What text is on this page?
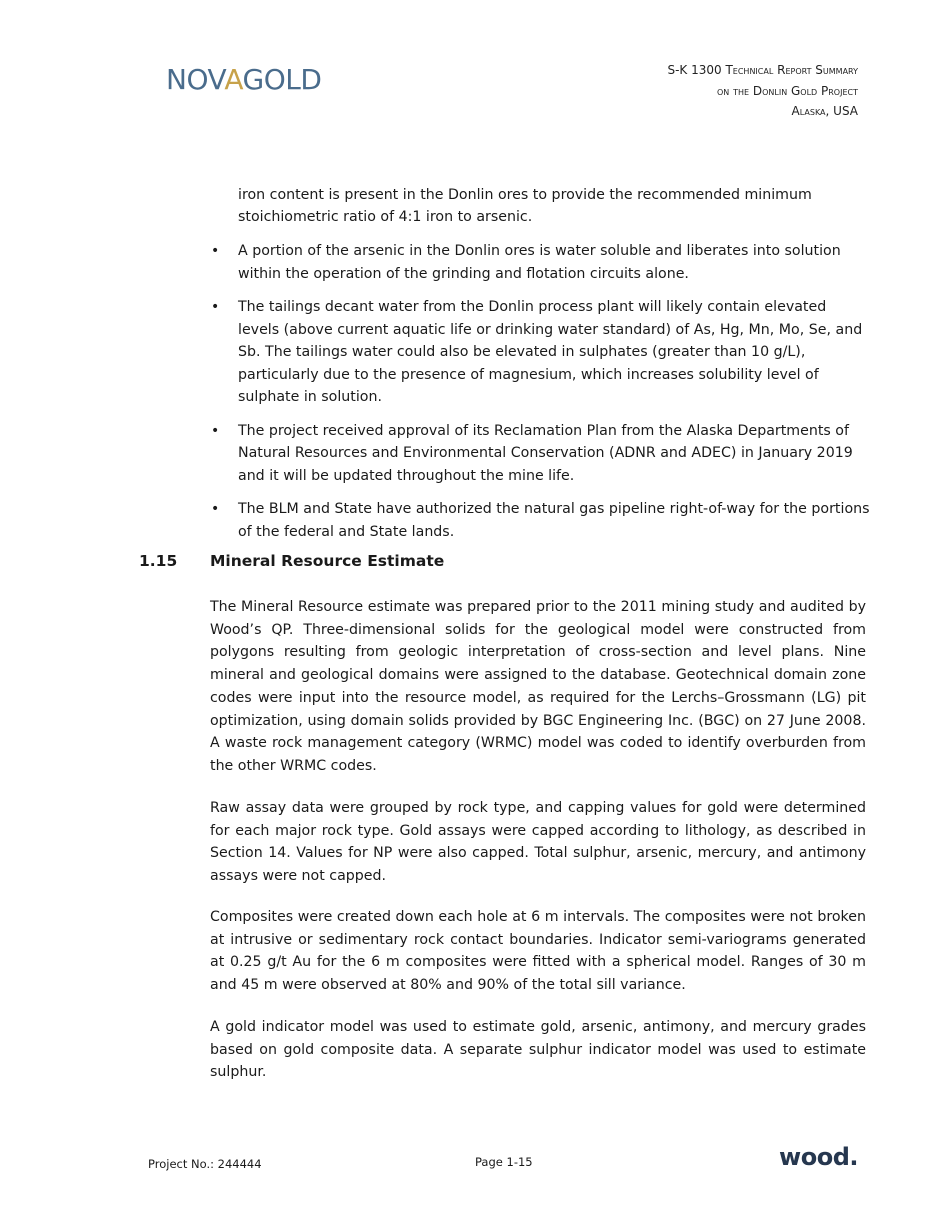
NOVAGOLD	S-K 1300 Technical Report Summary
on the Donlin Gold Project
Alaska, USA

iron content is present in the Donlin ores to provide the recommended minimum stoichiometric ratio of 4:1 iron to arsenic.

• A portion of the arsenic in the Donlin ores is water soluble and liberates into solution within the operation of the grinding and flotation circuits alone.
• The tailings decant water from the Donlin process plant will likely contain elevated levels (above current aquatic life or drinking water standard) of As, Hg, Mn, Mo, Se, and Sb. The tailings water could also be elevated in sulphates (greater than 10 g/L), particularly due to the presence of magnesium, which increases solubility level of sulphate in solution.
• The project received approval of its Reclamation Plan from the Alaska Departments of Natural Resources and Environmental Conservation (ADNR and ADEC) in January 2019 and it will be updated throughout the mine life.
• The BLM and State have authorized the natural gas pipeline right-of-way for the portions of the federal and State lands.
1.15 Mineral Resource Estimate

The Mineral Resource estimate was prepared prior to the 2011 mining study and audited by Wood’s QP. Three-dimensional solids for the geological model were constructed from polygons resulting from geologic interpretation of cross-section and level plans. Nine mineral and geological domains were assigned to the database. Geotechnical domain zone codes were input into the resource model, as required for the Lerchs–Grossmann (LG) pit optimization, using domain solids provided by BGC Engineering Inc. (BGC) on 27 June 2008. A waste rock management category (WRMC) model was coded to identify overburden from the other WRMC codes.

Raw assay data were grouped by rock type, and capping values for gold were determined for each major rock type. Gold assays were capped according to lithology, as described in Section 14. Values for NP were also capped. Total sulphur, arsenic, mercury, and antimony assays were not capped.

Composites were created down each hole at 6 m intervals. The composites were not broken at intrusive or sedimentary rock contact boundaries. Indicator semi-variograms generated at 0.25 g/t Au for the 6 m composites were fitted with a spherical model. Ranges of 30 m and 45 m were observed at 80% and 90% of the total sill variance.

A gold indicator model was used to estimate gold, arsenic, antimony, and mercury grades based on gold composite data. A separate sulphur indicator model was used to estimate sulphur.

Project No.: 244444	Page 1-15	wood.
